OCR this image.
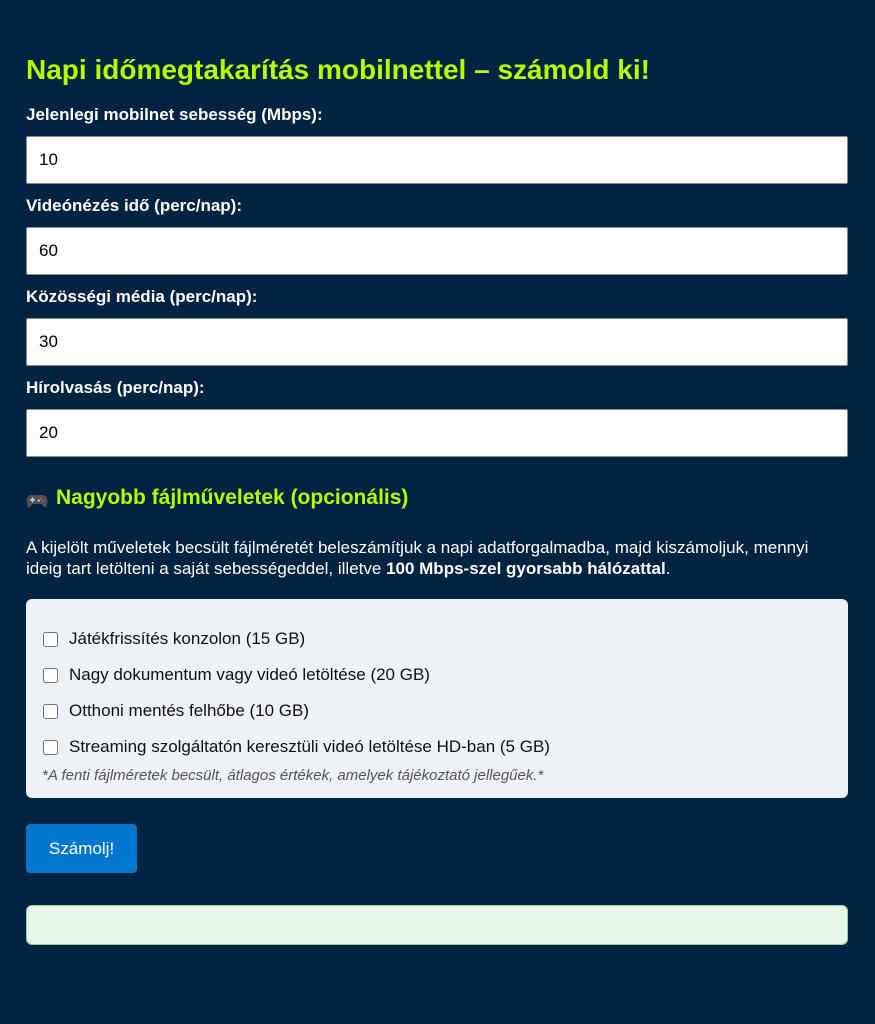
Napi időmegtakarítás mobilnettel – számold ki!
Jelenlegi mobilnet sebesség (Mbps):
10
Videónézés idő (perc/nap):
60
Közösségi média (perc/nap):
30
Hírolvasás (perc/nap):
20
Nagyobb fájlműveletek (opcionális)

A kijelölt műveletek becsült fájlméretét beleszámítjuk a napi adatforgalmadba, majd kiszámoljuk, mennyi ideig tart letölteni a saját sebességeddel, illetve 100 Mbps-szel gyorsabb hálózattal.

Játékfrissítés konzolon (15 GB)
Nagy dokumentum vagy videó letöltése (20 GB)
Otthoni mentés felhőbe (10 GB)
Streaming szolgáltatón keresztüli videó letöltése HD-ban (5 GB)
*A fenti fájlméretek becsült, átlagos értékek, amelyek tájékoztató jellegűek.*
Számolj!
